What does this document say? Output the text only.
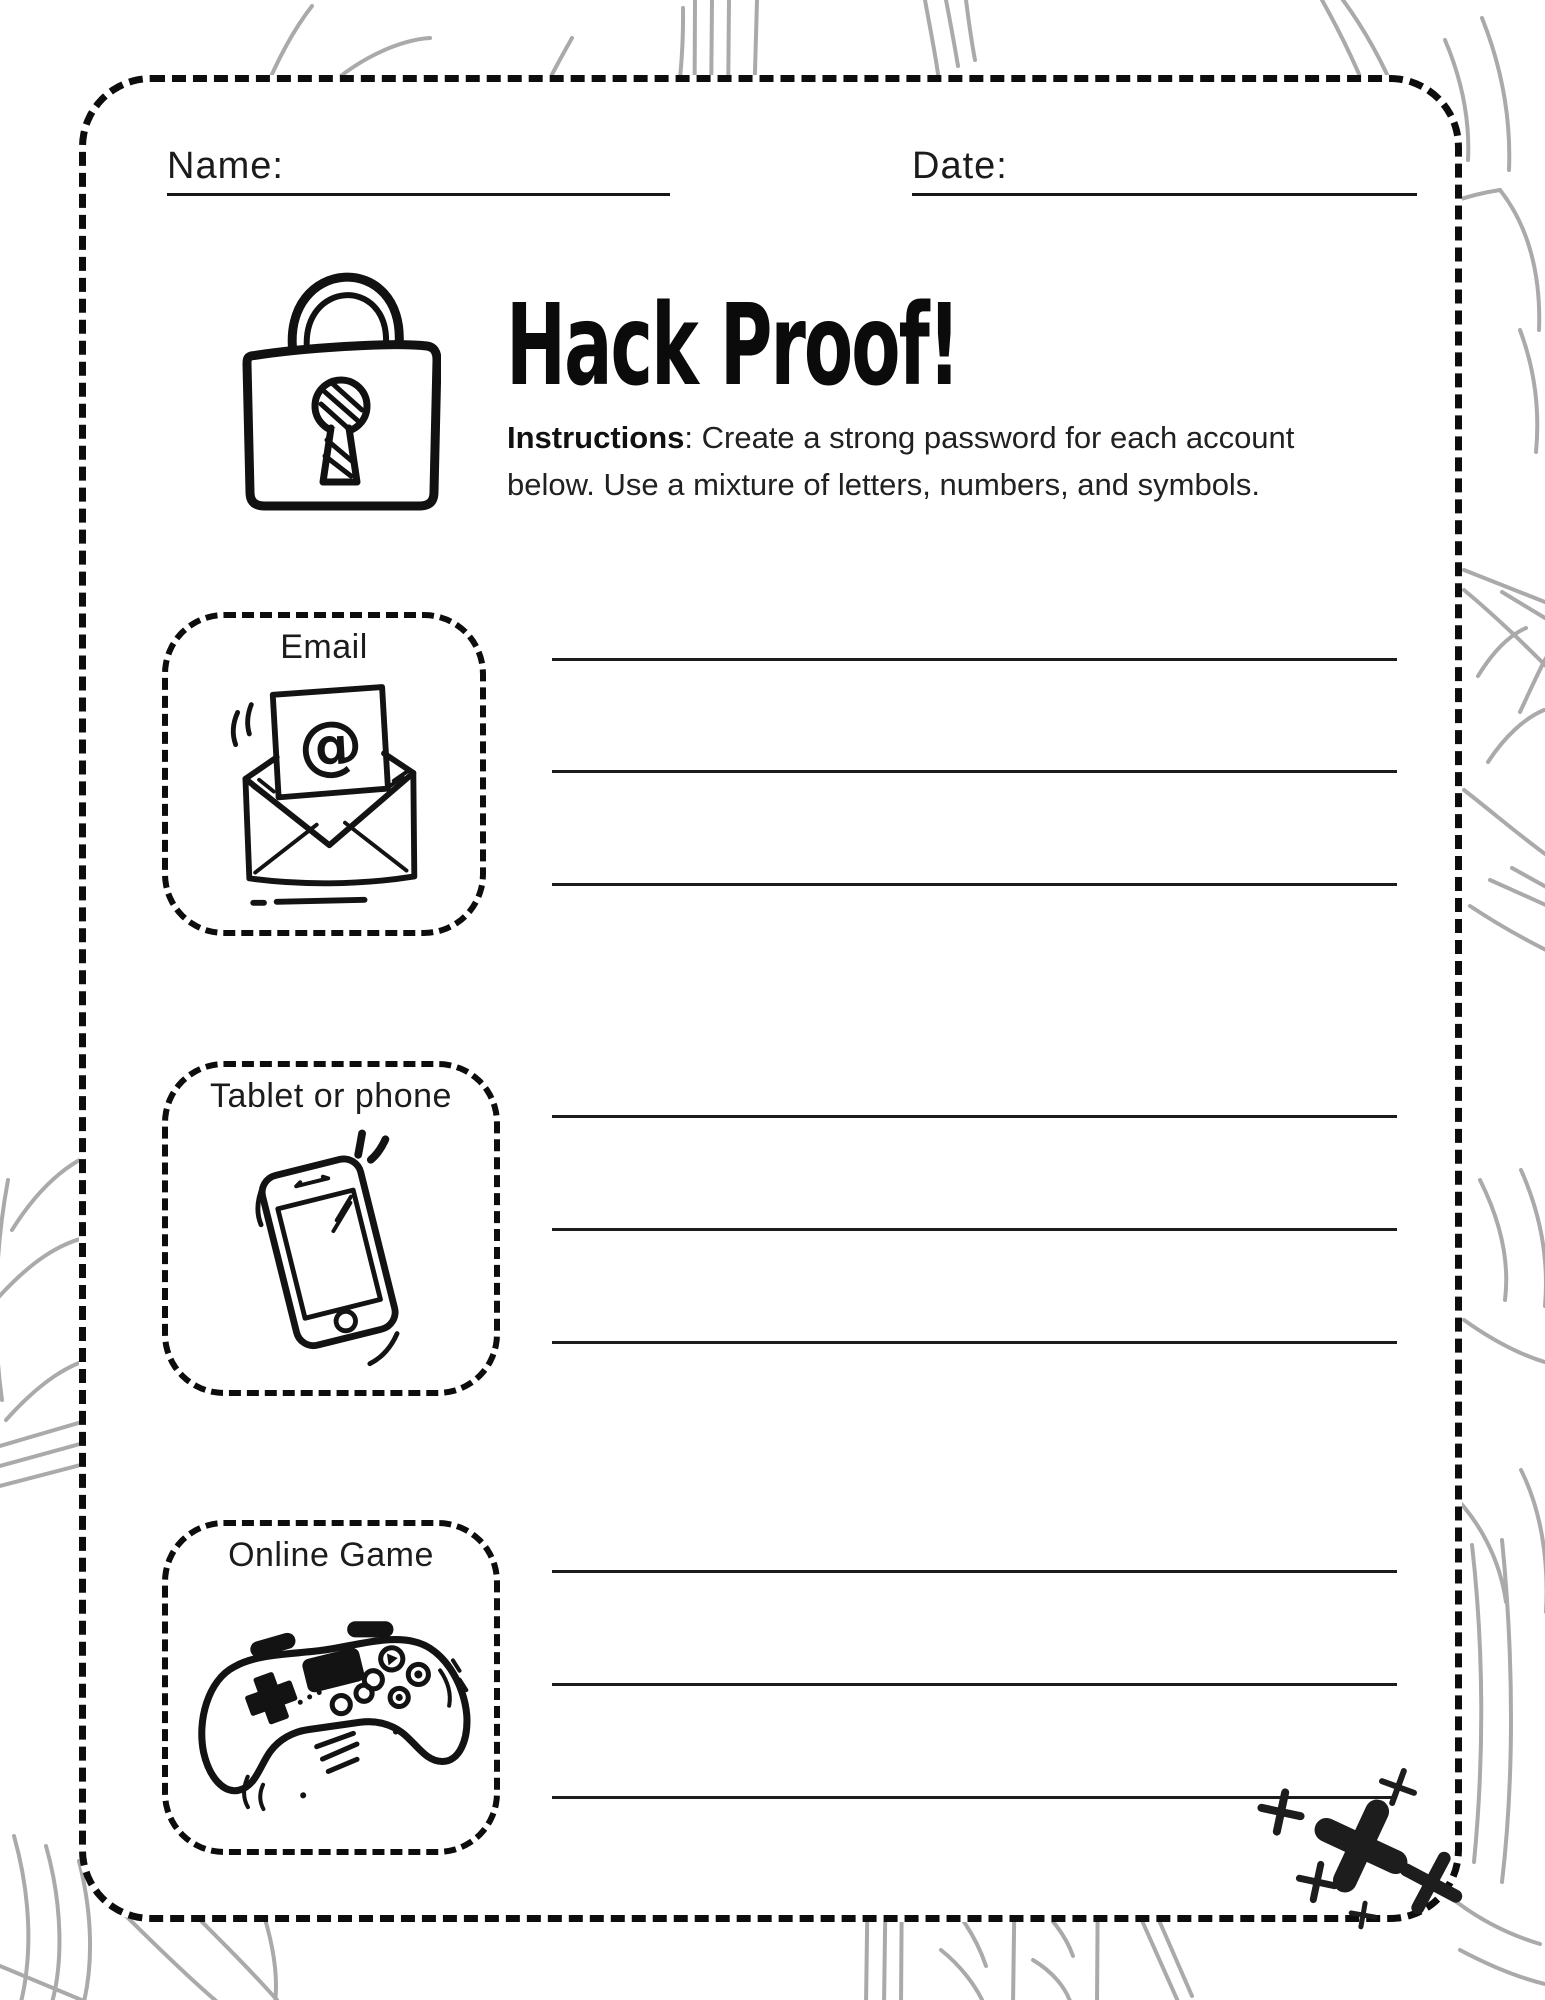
Name:	Date:
Hack Proof!
Instructions: Create a strong password for each account
below. Use a mixture of letters, numbers, and symbols.
Email
@
Tablet or phone
Online Game
